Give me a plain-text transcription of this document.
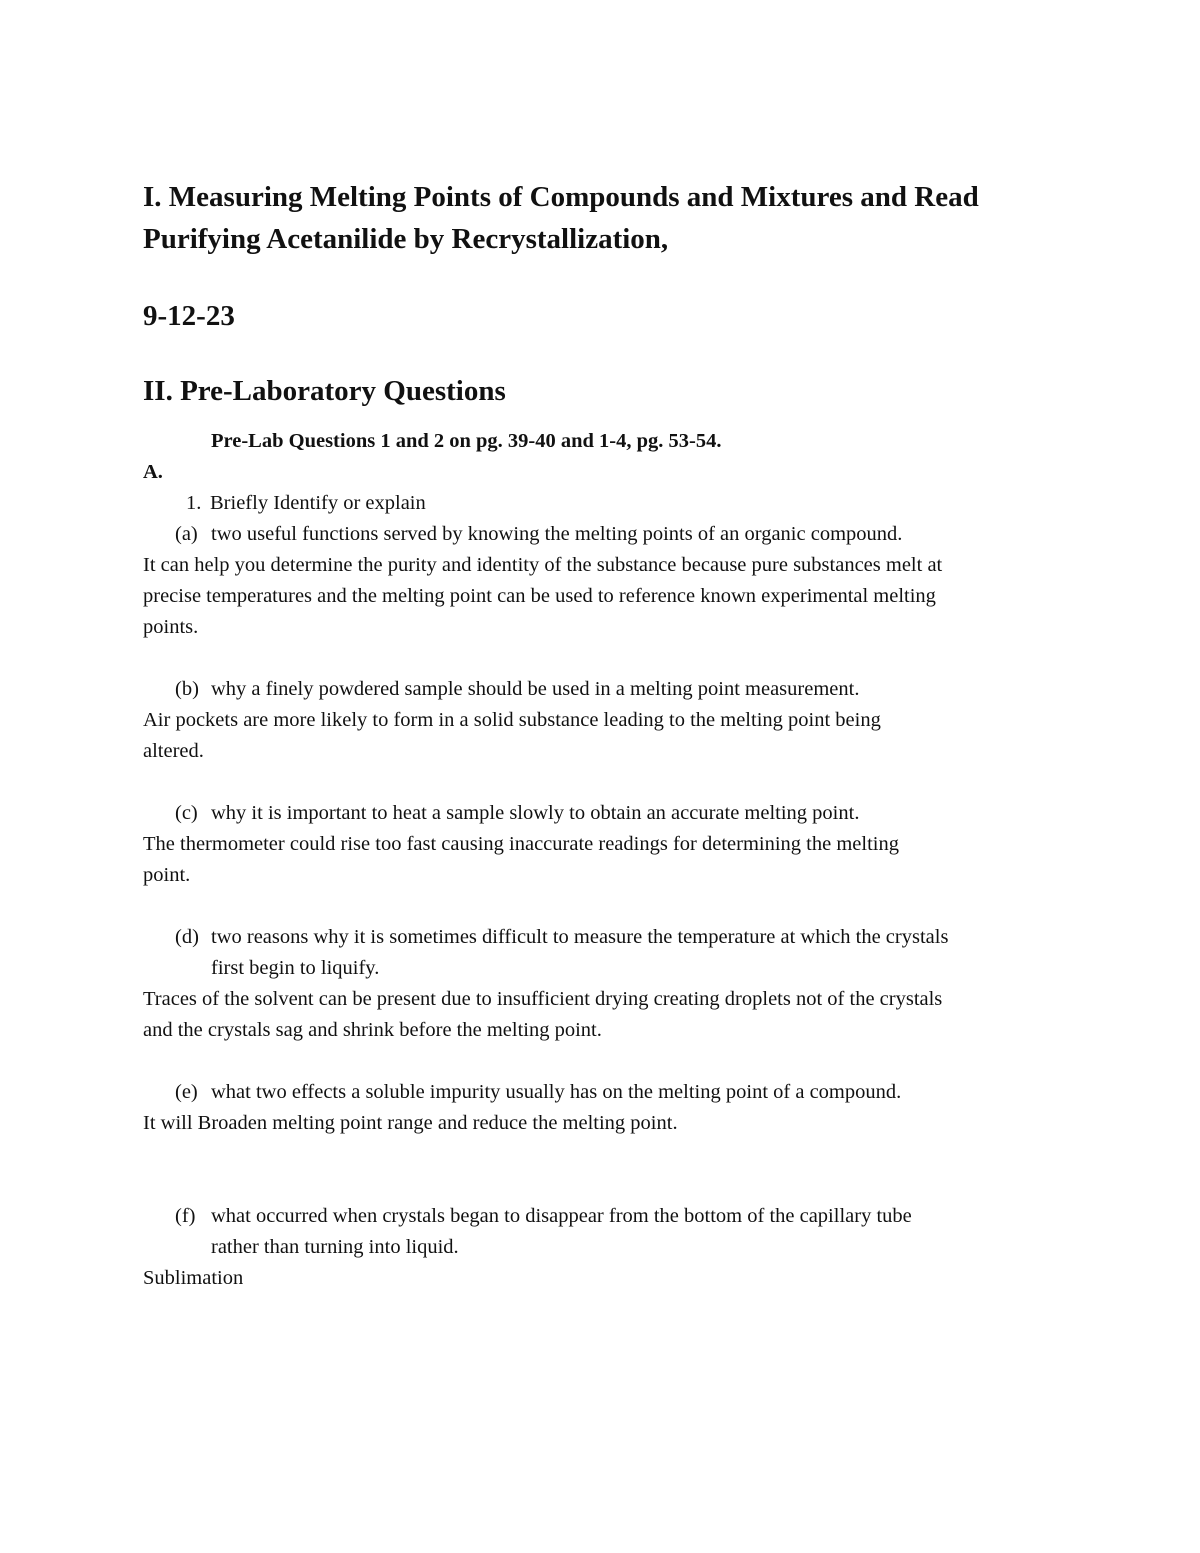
I. Measuring Melting Points of Compounds and Mixtures and Read
Purifying Acetanilide by Recrystallization,

9-12-23

II. Pre-Laboratory Questions

Pre-Lab Questions 1 and 2 on pg. 39-40 and 1-4, pg. 53-54.

A.

1. Briefly Identify or explain

(a) two useful functions served by knowing the melting points of an organic compound.

It can help you determine the purity and identity of the substance because pure substances melt at

precise temperatures and the melting point can be used to reference known experimental melting

points.

(b) why a finely powdered sample should be used in a melting point measurement.

Air pockets are more likely to form in a solid substance leading to the melting point being

altered.

(c) why it is important to heat a sample slowly to obtain an accurate melting point.

The thermometer could rise too fast causing inaccurate readings for determining the melting

point.

(d) two reasons why it is sometimes difficult to measure the temperature at which the crystals

first begin to liquify.

Traces of the solvent can be present due to insufficient drying creating droplets not of the crystals

and the crystals sag and shrink before the melting point.

(e) what two effects a soluble impurity usually has on the melting point of a compound.

It will Broaden melting point range and reduce the melting point.

(f) what occurred when crystals began to disappear from the bottom of the capillary tube

rather than turning into liquid.

Sublimation
